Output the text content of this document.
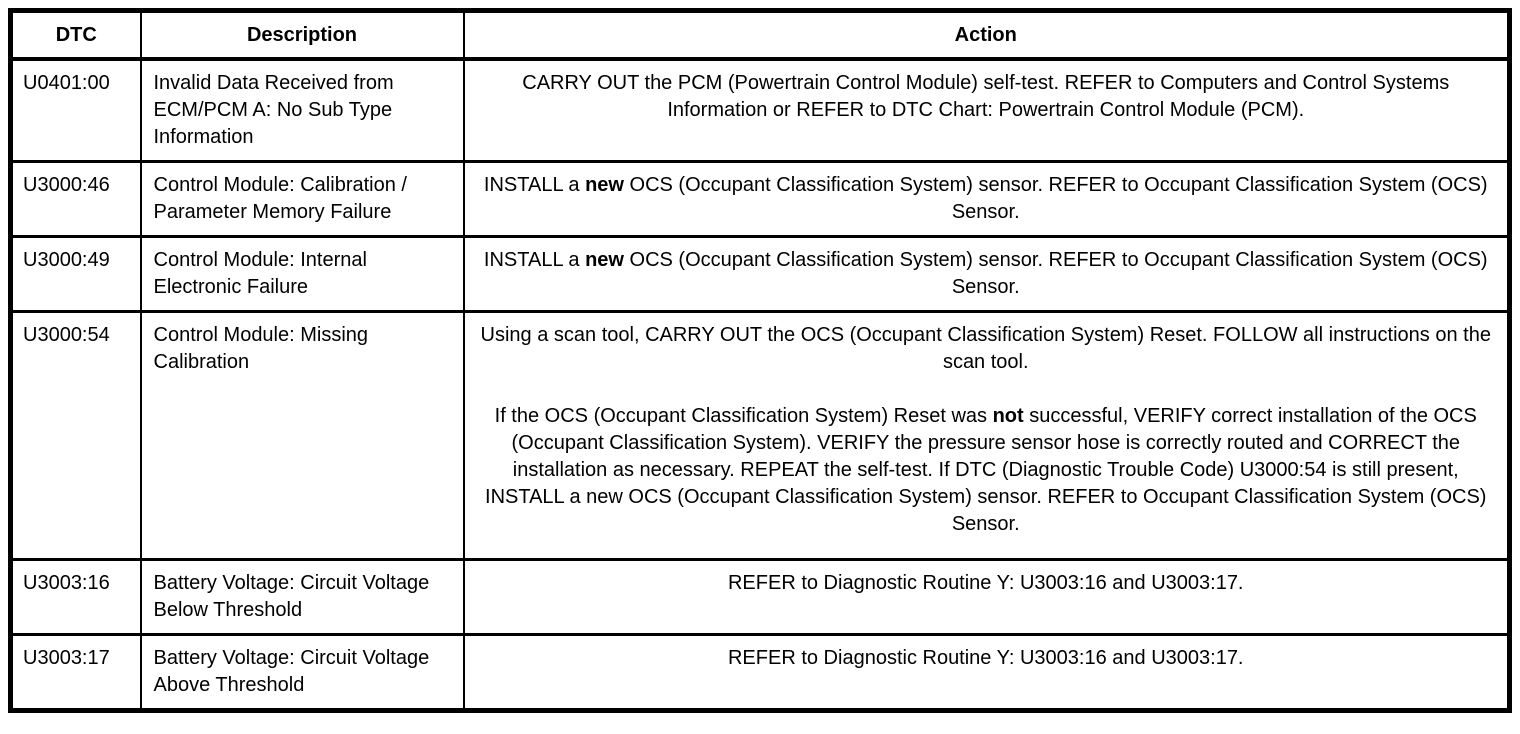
DTC	Description	Action
U0401:00	Invalid Data Received from ECM/PCM A: No Sub Type Information	CARRY OUT the PCM (Powertrain Control Module) self-test. REFER to Computers and Control Systems Information or REFER to DTC Chart: Powertrain Control Module (PCM).

U3000:46	Control Module: Calibration / Parameter Memory Failure	INSTALL a new OCS (Occupant Classification System) sensor. REFER to Occupant Classification System (OCS) Sensor.

U3000:49	Control Module: Internal Electronic Failure	INSTALL a new OCS (Occupant Classification System) sensor. REFER to Occupant Classification System (OCS) Sensor.

U3000:54	Control Module: Missing Calibration	Using a scan tool, CARRY OUT the OCS (Occupant Classification System) Reset. FOLLOW all instructions on the scan tool.
If the OCS (Occupant Classification System) Reset was not successful, VERIFY correct installation of the OCS (Occupant Classification System). VERIFY the pressure sensor hose is correctly routed and CORRECT the installation as necessary. REPEAT the self-test. If DTC (Diagnostic Trouble Code) U3000:54 is still present, INSTALL a new OCS (Occupant Classification System) sensor. REFER to Occupant Classification System (OCS) Sensor.

U3003:16	Battery Voltage: Circuit Voltage Below Threshold	REFER to Diagnostic Routine Y: U3003:16 and U3003:17.

U3003:17	Battery Voltage: Circuit Voltage Above Threshold	REFER to Diagnostic Routine Y: U3003:16 and U3003:17.
